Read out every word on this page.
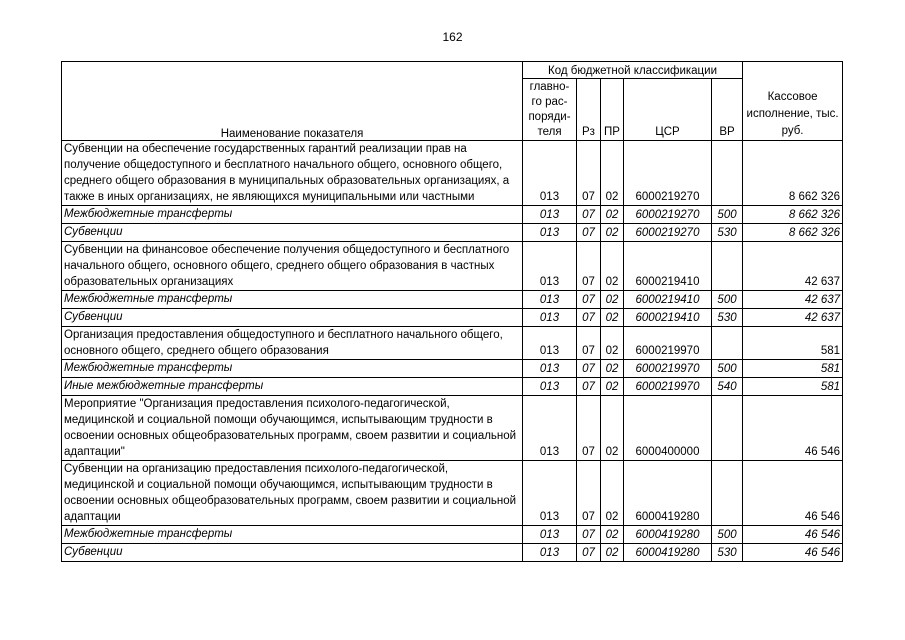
162
Наименование показателя	Код бюджетной классификации					Кассовое исполнение, тыс. руб.
	главно-го рас-поряди-теля	Рз	ПР	ЦСР	ВР	
Субвенции на обеспечение государственных гарантий реализации прав на получение общедоступного и бесплатного начального общего, основного общего, среднего общего образования в муниципальных образовательных организациях, а также в иных организациях, не являющихся муниципальными или частными	013	07	02	6000219270		8 662 326
Межбюджетные трансферты	013	07	02	6000219270	500	8 662 326
Субвенции	013	07	02	6000219270	530	8 662 326
Субвенции на финансовое обеспечение получения общедоступного и бесплатного начального общего, основного общего, среднего общего образования в частных образовательных организациях	013	07	02	6000219410		42 637
Межбюджетные трансферты	013	07	02	6000219410	500	42 637
Субвенции	013	07	02	6000219410	530	42 637
Организация предоставления общедоступного и бесплатного начального общего, основного общего, среднего общего образования	013	07	02	6000219970		581
Межбюджетные трансферты	013	07	02	6000219970	500	581
Иные межбюджетные трансферты	013	07	02	6000219970	540	581
Мероприятие "Организация предоставления психолого-педагогической, медицинской и социальной помощи обучающимся, испытывающим трудности в освоении основных общеобразовательных программ, своем развитии и социальной адаптации"	013	07	02	6000400000		46 546
Субвенции на организацию предоставления психолого-педагогической, медицинской и социальной помощи обучающимся, испытывающим трудности в освоении основных общеобразовательных программ, своем развитии и социальной адаптации	013	07	02	6000419280		46 546
Межбюджетные трансферты	013	07	02	6000419280	500	46 546
Субвенции	013	07	02	6000419280	530	46 546
